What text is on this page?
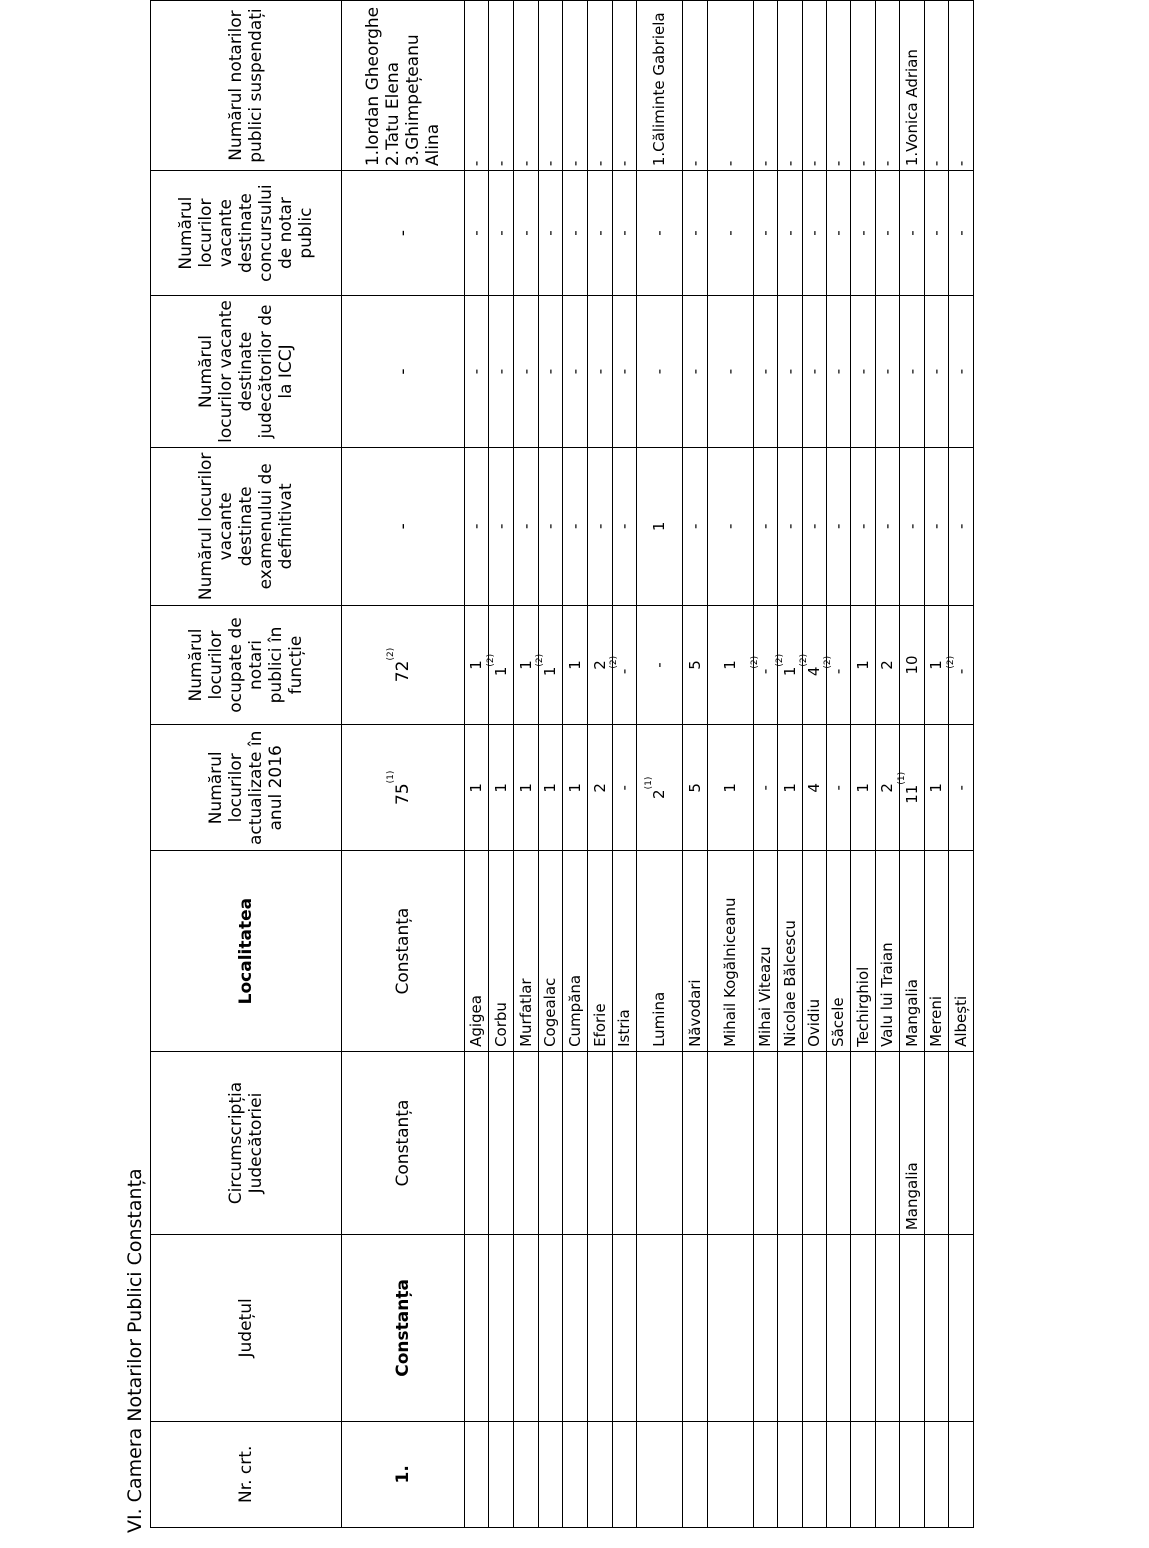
VI. Camera Notarilor Publici Constanța	Nr. crt.	Județul	Circumscripția Judecătoriei	Localitatea	Numărul locurilor actualizate în anul 2016	Numărul locurilor ocupate de notari publici în funcție	Numărul locurilor vacante destinate examenului de definitivat	Numărul locurilor vacante destinate judecătorilor de la ICCJ	Numărul locurilor vacante destinate concursului de notar public	Numărul notarilor publici suspendați
1.	Constanța	Constanța	Constanța	75$^{(1)}$	72$^{(2)}$	-	-	-	1.Iordan Gheorghe 2.Tatu Elena 3.Ghimpețeanu Alina

			Agigea	1	1	-	-	-	-
			Corbu	1	1$^{(2)}$	-	-	-	-
			Murfatlar	1	1	-	-	-	-
			Cogealac	1	1$^{(2)}$	-	-	-	-
			Cumpăna	1	1	-	-	-	-
			Eforie	2	2	-	-	-	-
			Istria	-	-$^{(2)}$	-	-	-	-
			Lumina	2$^{(1)}$	-	1	-	-	1.Căliminte Gabriela
			Năvodari	5	5	-	-	-	-
			Mihail Kogălniceanu	1	1	-	-	-	-
			Mihai Viteazu	-	-$^{(2)}$	-	-	-	-
			Nicolae Bălcescu	1	1$^{(2)}$	-	-	-	-
			Ovidiu	4	4$^{(2)}$	-	-	-	-
			Săcele	-	-$^{(2)}$	-	-	-	-
			Techirghiol	1	1	-	-	-	-
			Valu lui Traian	2	2	-	-	-	-
		Mangalia	Mangalia	11$^{(1)}$	10	-	-	-	1.Vonica Adrian
			Mereni	1	1	-	-	-	-
			Albești	-	-$^{(2)}$	-	-	-	-
